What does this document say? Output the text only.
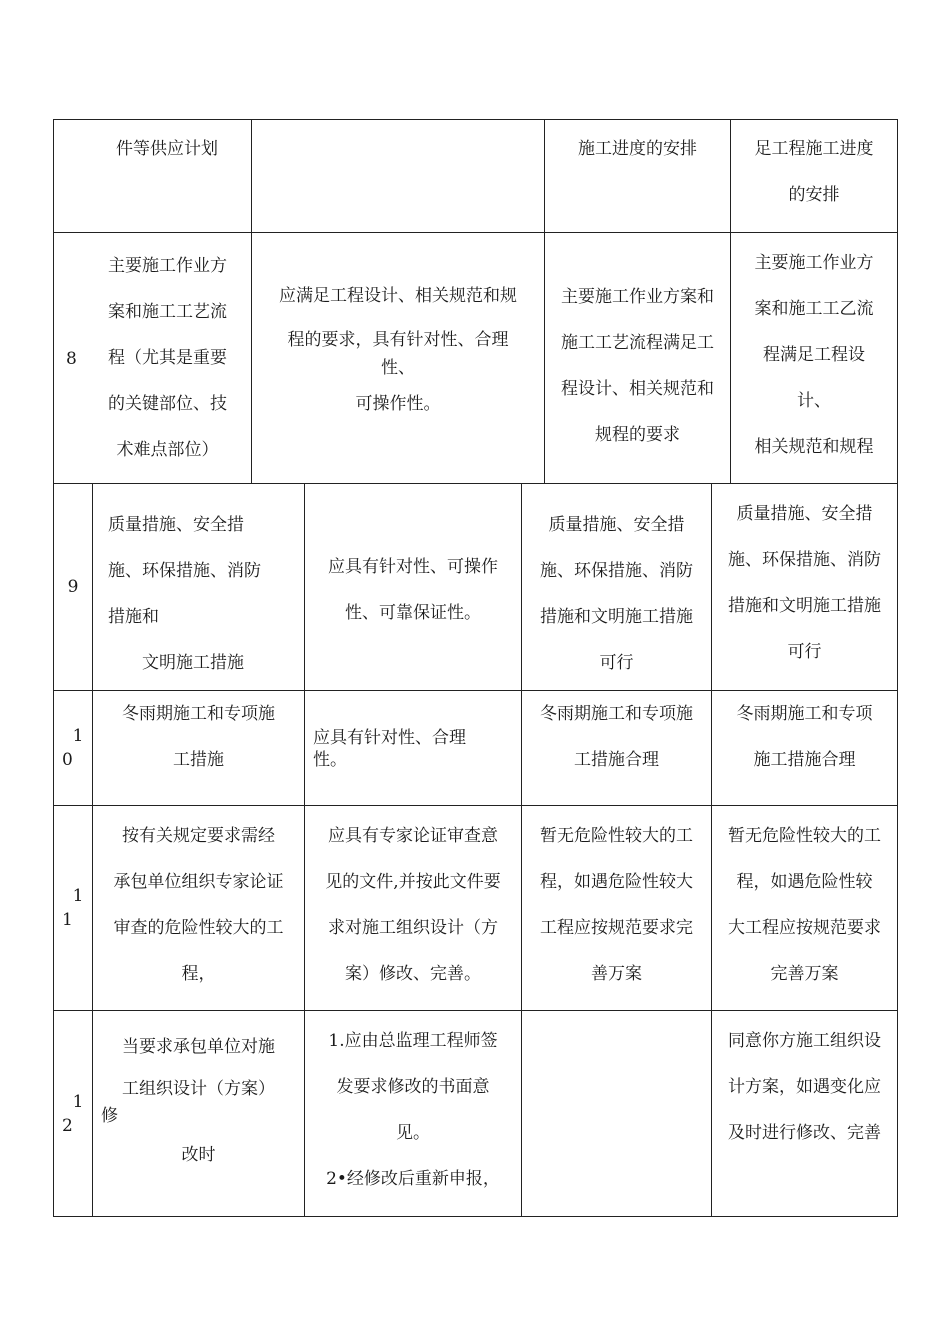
件等供应计划	施工进度的安排	足工程施工进度
的安排
主要施工作业方
案和施工工艺流
程（尤其是重要
的关键部位、技
术难点部位）
8
应满足工程设计、相关规范和规
程的要求，具有针对性、合理
性、
可操作性。
主要施工作业方案和
施工工艺流程满足工
程设计、相关规范和
规程的要求
主要施工作业方
案和施工工乙流
程满足工程设
计、
相关规范和规程
9
质量措施、安全措
施、环保措施、消防
措施和
文明施工措施
应具有针对性、可操作
性、可靠保证性。
质量措施、安全措
施、环保措施、消防
措施和文明施工措施
可行
质量措施、安全措
施、环保措施、消防
措施和文明施工措施
可行
1
0
冬雨期施工和专项施
工措施
应具有针对性、合理
性。
冬雨期施工和专项施
工措施合理
冬雨期施工和专项
施工措施合理
1
1
按有关规定要求需经
承包单位组织专家论证
审查的危险性较大的工
程，
应具有专家论证审查意
见的文件,并按此文件要
求对施工组织设计（方
案）修改、完善。
暂无危险性较大的工
程，如遇危险性较大
工程应按规范要求完
善万案
暂无危险性较大的工
程，如遇危险性较
大工程应按规范要求
完善万案
1
2
当要求承包单位对施
工组织设计（方案）
修
改时
1.应由总监理工程师签
发要求修改的书面意
见。
2•经修改后重新申报，
同意你方施工组织设
计方案，如遇变化应
及时进行修改、完善
